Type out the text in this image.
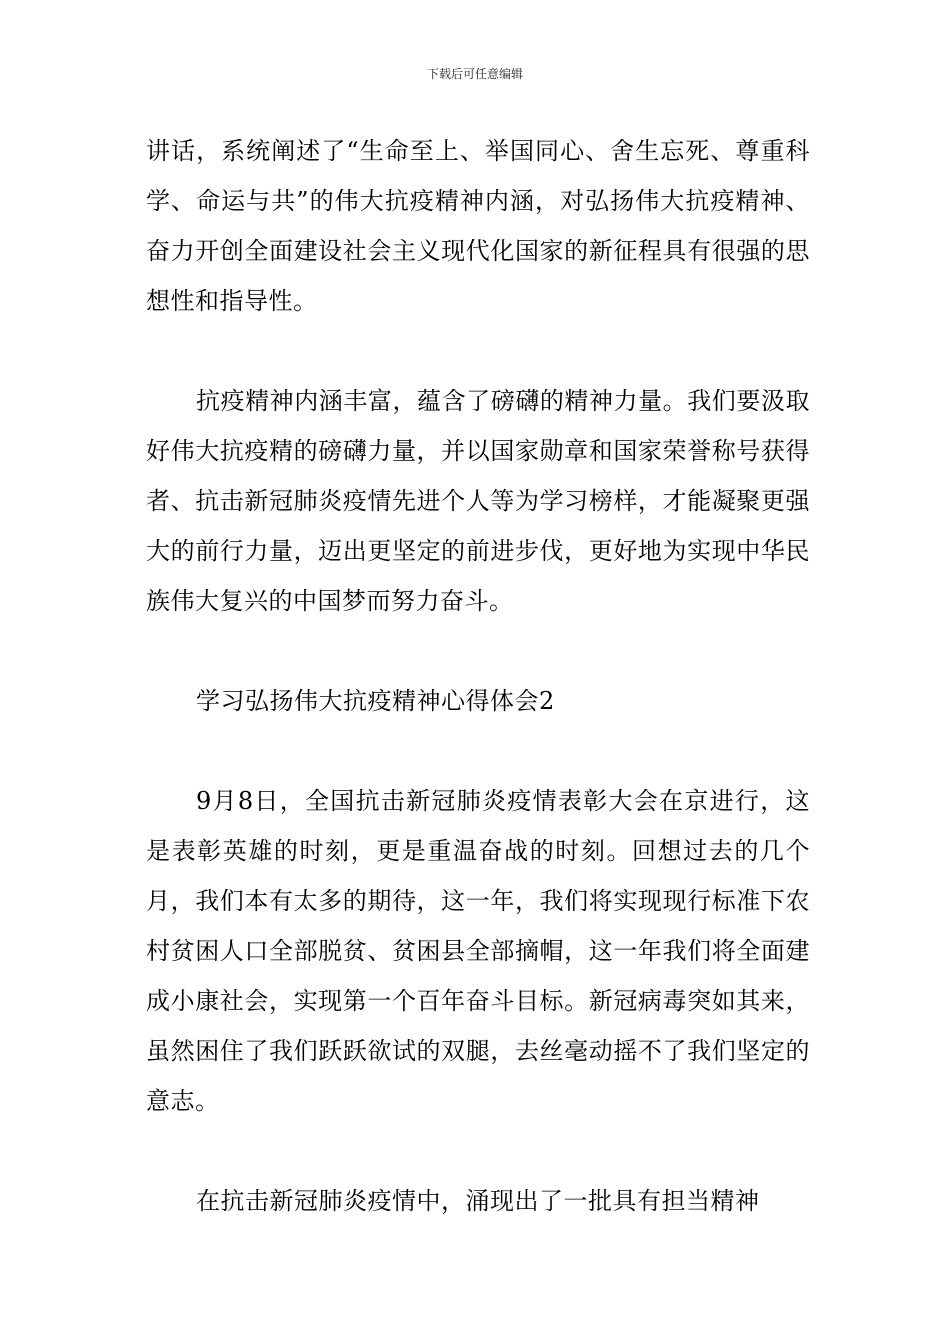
下载后可任意编辑

讲话，系统阐述了“生命至上、举国同心、舍生忘死、尊重科学、命运与共”的伟大抗疫精神内涵，对弘扬伟大抗疫精神、奋力开创全面建设社会主义现代化国家的新征程具有很强的思想性和指导性。

抗疫精神内涵丰富，蕴含了磅礴的精神力量。我们要汲取好伟大抗疫精的磅礴力量，并以国家勋章和国家荣誉称号获得者、抗击新冠肺炎疫情先进个人等为学习榜样，才能凝聚更强大的前行力量，迈出更坚定的前进步伐，更好地为实现中华民族伟大复兴的中国梦而努力奋斗。

学习弘扬伟大抗疫精神心得体会2

9月8日，全国抗击新冠肺炎疫情表彰大会在京进行，这是表彰英雄的时刻，更是重温奋战的时刻。回想过去的几个月，我们本有太多的期待，这一年，我们将实现现行标准下农村贫困人口全部脱贫、贫困县全部摘帽，这一年我们将全面建成小康社会，实现第一个百年奋斗目标。新冠病毒突如其来，虽然困住了我们跃跃欲试的双腿，去丝毫动摇不了我们坚定的意志。

在抗击新冠肺炎疫情中，涌现出了一批具有担当精神
